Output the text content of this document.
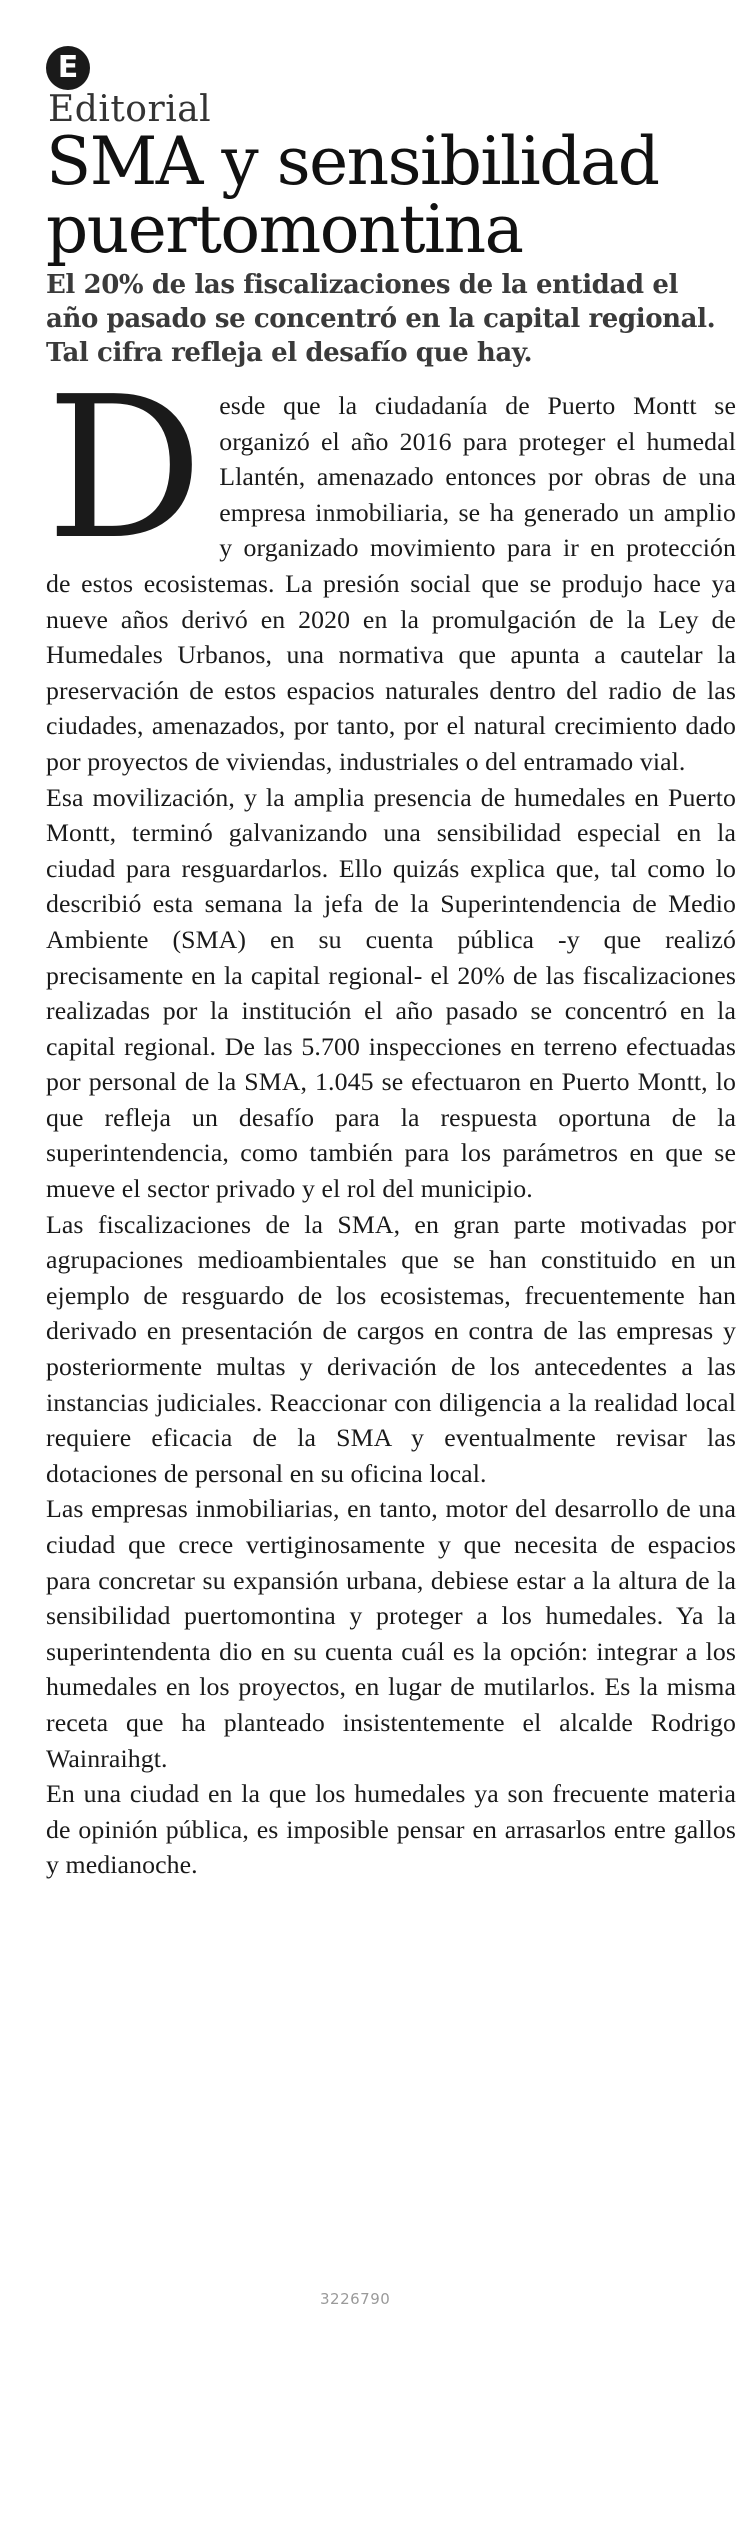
E
Editorial
SMA y sensibilidad puertomontina

El 20% de las fiscalizaciones de la entidad el año pasado se concentró en la capital regional. Tal cifra refleja el desafío que hay.

Desde que la ciudadanía de Puerto Montt se organizó el año 2016 para proteger el humedal Llantén, amenazado entonces por obras de una empresa inmobiliaria, se ha generado un amplio y organizado movimiento para ir en protección de estos ecosistemas. La presión social que se produjo hace ya nueve años derivó en 2020 en la promulgación de la Ley de Humedales Urbanos, una normativa que apunta a cautelar la preservación de estos espacios naturales dentro del radio de las ciudades, amenazados, por tanto, por el natural crecimiento dado por proyectos de viviendas, industriales o del entramado vial.

Esa movilización, y la amplia presencia de humedales en Puerto Montt, terminó galvanizando una sensibilidad especial en la ciudad para resguardarlos. Ello quizás explica que, tal como lo describió esta semana la jefa de la Superintendencia de Medio Ambiente (SMA) en su cuenta pública -y que realizó precisamente en la capital regional- el 20% de las fiscalizaciones realizadas por la institución el año pasado se concentró en la capital regional. De las 5.700 inspecciones en terreno efectuadas por personal de la SMA, 1.045 se efectuaron en Puerto Montt, lo que refleja un desafío para la respuesta oportuna de la superintendencia, como también para los parámetros en que se mueve el sector privado y el rol del municipio.

Las fiscalizaciones de la SMA, en gran parte motivadas por agrupaciones medioambientales que se han constituido en un ejemplo de resguardo de los ecosistemas, frecuentemente han derivado en presentación de cargos en contra de las empresas y posteriormente multas y derivación de los antecedentes a las instancias judiciales. Reaccionar con diligencia a la realidad local requiere eficacia de la SMA y eventualmente revisar las dotaciones de personal en su oficina local.

Las empresas inmobiliarias, en tanto, motor del desarrollo de una ciudad que crece vertiginosamente y que necesita de espacios para concretar su expansión urbana, debiese estar a la altura de la sensibilidad puertomontina y proteger a los humedales. Ya la superintendenta dio en su cuenta cuál es la opción: integrar a los humedales en los proyectos, en lugar de mutilarlos. Es la misma receta que ha planteado insistentemente el alcalde Rodrigo Wainraihgt.

En una ciudad en la que los humedales ya son frecuente materia de opinión pública, es imposible pensar en arrasarlos entre gallos y medianoche.

3226790
